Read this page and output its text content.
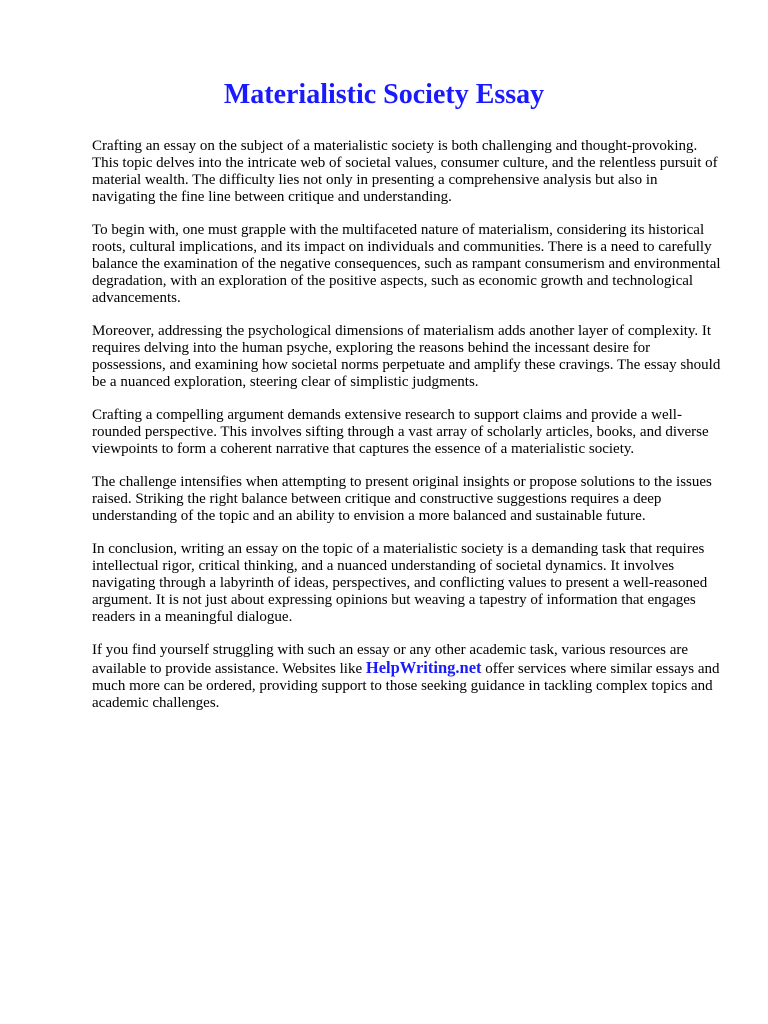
Materialistic Society Essay

Crafting an essay on the subject of a materialistic society is both challenging and thought-provoking. This topic delves into the intricate web of societal values, consumer culture, and the relentless pursuit of material wealth. The difficulty lies not only in presenting a comprehensive analysis but also in navigating the fine line between critique and understanding.

To begin with, one must grapple with the multifaceted nature of materialism, considering its historical roots, cultural implications, and its impact on individuals and communities. There is a need to carefully balance the examination of the negative consequences, such as rampant consumerism and environmental degradation, with an exploration of the positive aspects, such as economic growth and technological advancements.

Moreover, addressing the psychological dimensions of materialism adds another layer of complexity. It requires delving into the human psyche, exploring the reasons behind the incessant desire for possessions, and examining how societal norms perpetuate and amplify these cravings. The essay should be a nuanced exploration, steering clear of simplistic judgments.

Crafting a compelling argument demands extensive research to support claims and provide a well-rounded perspective. This involves sifting through a vast array of scholarly articles, books, and diverse viewpoints to form a coherent narrative that captures the essence of a materialistic society.

The challenge intensifies when attempting to present original insights or propose solutions to the issues raised. Striking the right balance between critique and constructive suggestions requires a deep understanding of the topic and an ability to envision a more balanced and sustainable future.

In conclusion, writing an essay on the topic of a materialistic society is a demanding task that requires intellectual rigor, critical thinking, and a nuanced understanding of societal dynamics. It involves navigating through a labyrinth of ideas, perspectives, and conflicting values to present a well-reasoned argument. It is not just about expressing opinions but weaving a tapestry of information that engages readers in a meaningful dialogue.

If you find yourself struggling with such an essay or any other academic task, various resources are available to provide assistance. Websites like HelpWriting.net offer services where similar essays and much more can be ordered, providing support to those seeking guidance in tackling complex topics and academic challenges.
